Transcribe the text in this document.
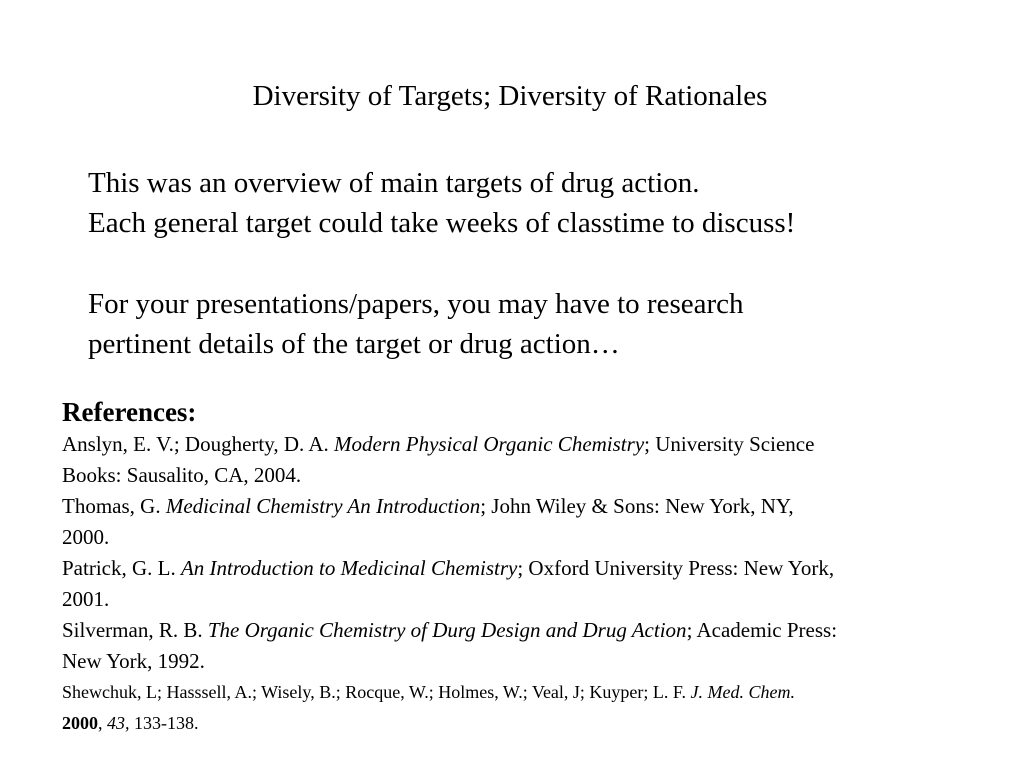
Diversity of Targets; Diversity of Rationales
This was an overview of main targets of drug action.
Each general target could take weeks of classtime to discuss!
For your presentations/papers, you may have to research
pertinent details of the target or drug action…
References:
Anslyn, E. V.; Dougherty, D. A. Modern Physical Organic Chemistry; University Science
Books: Sausalito, CA, 2004.
Thomas, G. Medicinal Chemistry An Introduction; John Wiley & Sons: New York, NY,
2000.
Patrick, G. L. An Introduction to Medicinal Chemistry; Oxford University Press: New York,
2001.
Silverman, R. B. The Organic Chemistry of Durg Design and Drug Action; Academic Press:
New York, 1992.
Shewchuk, L; Hasssell, A.; Wisely, B.; Rocque, W.; Holmes, W.; Veal, J; Kuyper; L. F. J. Med. Chem.
2000, 43, 133-138.
